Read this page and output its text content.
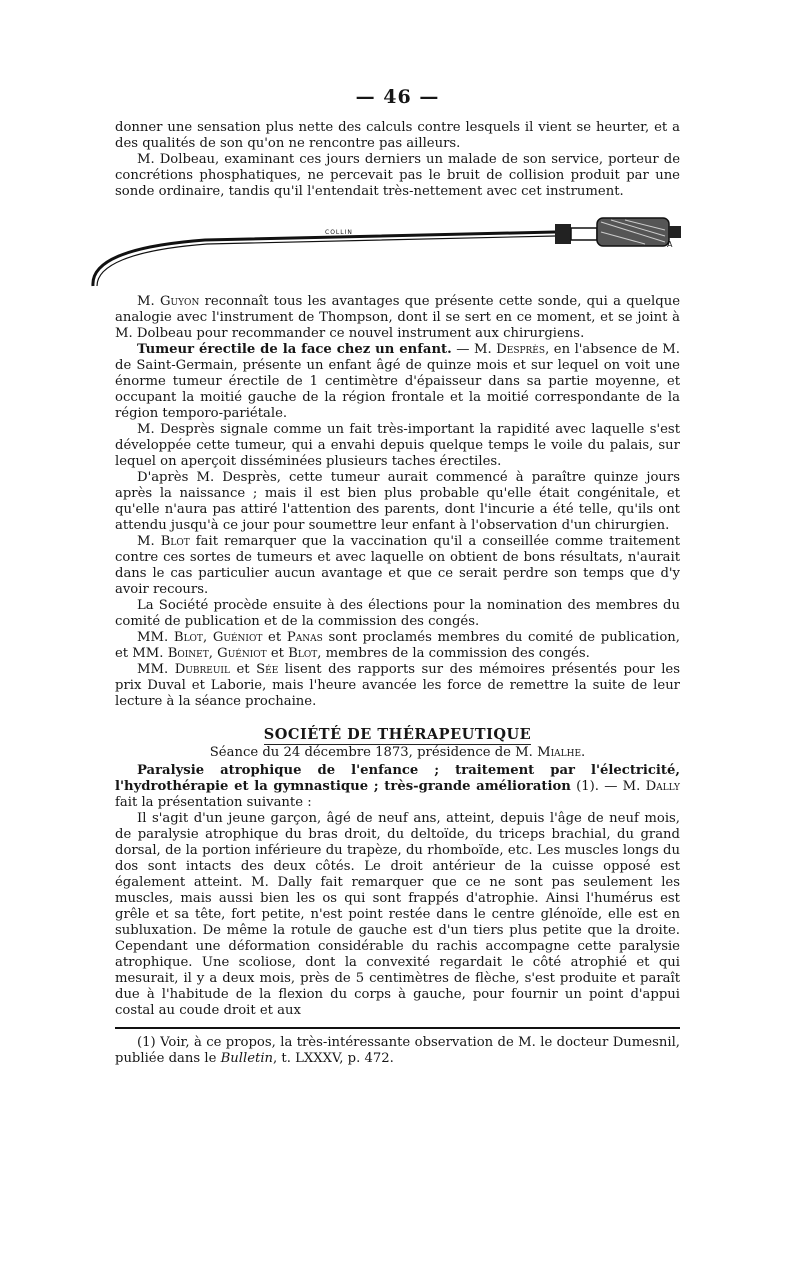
— 46 —

donner une sensation plus nette des calculs contre lesquels il vient se heurter, et a des qualités de son qu'on ne rencontre pas ailleurs.

M. Dolbeau, examinant ces jours derniers un malade de son service, porteur de concrétions phosphatiques, ne percevait pas le bruit de collision produit par une sonde ordinaire, tandis qu'il l'entendait très-nettement avec cet instrument.

COLLIN
A

M. Guyon reconnaît tous les avantages que présente cette sonde, qui a quelque analogie avec l'instrument de Thompson, dont il se sert en ce moment, et se joint à M. Dolbeau pour recommander ce nouvel instrument aux chirurgiens.

Tumeur érectile de la face chez un enfant. — M. Desprès, en l'absence de M. de Saint-Germain, présente un enfant âgé de quinze mois et sur lequel on voit une énorme tumeur érectile de 1 centimètre d'épaisseur dans sa partie moyenne, et occupant la moitié gauche de la région frontale et la moitié correspondante de la région temporo-pariétale.

M. Desprès signale comme un fait très-important la rapidité avec laquelle s'est développée cette tumeur, qui a envahi depuis quelque temps le voile du palais, sur lequel on aperçoit disséminées plusieurs taches érectiles.

D'après M. Desprès, cette tumeur aurait commencé à paraître quinze jours après la naissance ; mais il est bien plus probable qu'elle était congénitale, et qu'elle n'aura pas attiré l'attention des parents, dont l'incurie a été telle, qu'ils ont attendu jusqu'à ce jour pour soumettre leur enfant à l'observation d'un chirurgien.

M. Blot fait remarquer que la vaccination qu'il a conseillée comme traitement contre ces sortes de tumeurs et avec laquelle on obtient de bons résultats, n'aurait dans le cas particulier aucun avantage et que ce serait perdre son temps que d'y avoir recours.

La Société procède ensuite à des élections pour la nomination des membres du comité de publication et de la commission des congés.

MM. Blot, Guéniot et Panas sont proclamés membres du comité de publication, et MM. Boinet, Guéniot et Blot, membres de la commission des congés.

MM. Dubreuil et Sée lisent des rapports sur des mémoires présentés pour les prix Duval et Laborie, mais l'heure avancée les force de remettre la suite de leur lecture à la séance prochaine.

SOCIÉTÉ DE THÉRAPEUTIQUE
Séance du 24 décembre 1873, présidence de M. Mialhe.

Paralysie atrophique de l'enfance ; traitement par l'électricité, l'hydrothérapie et la gymnastique ; très-grande amélioration (1). — M. Dally fait la présentation suivante :

Il s'agit d'un jeune garçon, âgé de neuf ans, atteint, depuis l'âge de neuf mois, de paralysie atrophique du bras droit, du deltoïde, du triceps brachial, du grand dorsal, de la portion inférieure du trapèze, du rhomboïde, etc. Les muscles longs du dos sont intacts des deux côtés. Le droit antérieur de la cuisse opposé est également atteint. M. Dally fait remarquer que ce ne sont pas seulement les muscles, mais aussi bien les os qui sont frappés d'atrophie. Ainsi l'humérus est grêle et sa tête, fort petite, n'est point restée dans le centre glénoïde, elle est en subluxation. De même la rotule de gauche est d'un tiers plus petite que la droite. Cependant une déformation considérable du rachis accompagne cette paralysie atrophique. Une scoliose, dont la convexité regardait le côté atrophié et qui mesurait, il y a deux mois, près de 5 centimètres de flèche, s'est produite et paraît due à l'habitude de la flexion du corps à gauche, pour fournir un point d'appui costal au coude droit et aux

(1) Voir, à ce propos, la très-intéressante observation de M. le docteur Dumesnil, publiée dans le Bulletin, t. LXXXV, p. 472.
